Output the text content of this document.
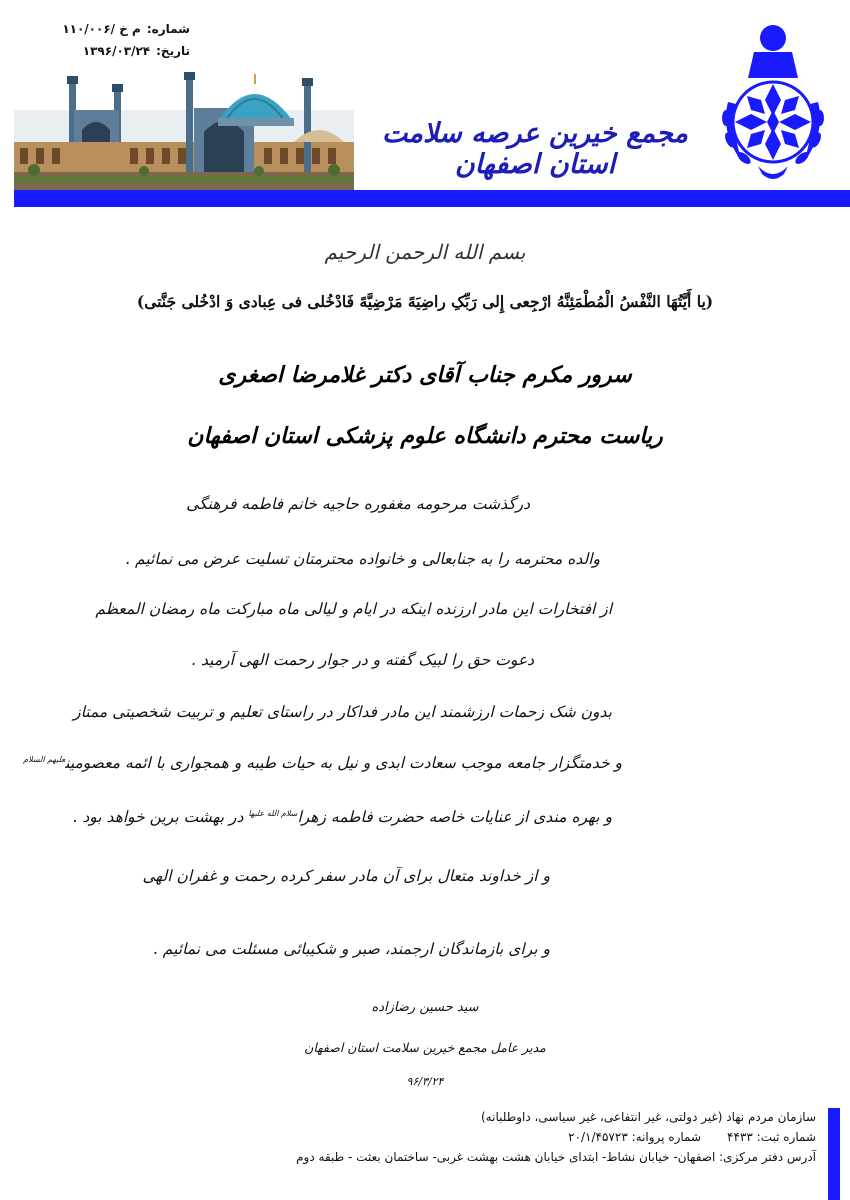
شماره:
۱۱۰/۰۰۶/ م خ
تاریخ:
۱۳۹۶/۰۳/۲۴
مجمع خیرین عرصه سلامت استان اصفهان
بسم الله الرحمن الرحیم
(یا أَیَّتُهَا النَّفْسُ الْمُطْمَئِنَّهُ ارْجِعی إِلی رَبِّکِ راضِیَهً مَرْضِیَّهً فَادْخُلی فی عِبادی وَ ادْخُلی جَنَّتی)
سرور مکرم جناب آقای دکتر غلامرضا اصغری
ریاست محترم دانشگاه علوم پزشکی استان اصفهان
درگذشت مرحومه مغفوره حاجیه خانم فاطمه فرهنگی
والده محترمه را به جنابعالی و خانواده محترمتان تسلیت عرض می نمائیم .
از افتخارات این مادر ارزنده اینکه در ایام و لیالی ماه مبارکت ماه رمضان المعظم
دعوت حق را لبیک گفته و در جوار رحمت الهی آرمید .
بدون شک زحمات ارزشمند این مادر فداکار در راستای تعلیم و تربیت شخصیتی ممتاز
و خدمتگزار جامعه موجب سعادت ابدی و نیل به حیات طیبه و همجواری با ائمه معصومین$^{علیهم السلام}$
و بهره مندی از عنایات خاصه حضرت فاطمه زهرا$^{سلام الله علیها}$ در بهشت برین خواهد بود .
و از خداوند متعال برای آن مادر سفر کرده رحمت و غفران الهی
و برای بازماندگان ارجمند، صبر و شکیبائی مسئلت می نمائیم .
سید حسین رضازاده
مدیر عامل مجمع خیرین سلامت استان اصفهان
۹۶/۳/۲۴
سازمان مردم نهاد (غیر دولتی، غیر انتفاعی، غیر سیاسی، داوطلبانه)
شماره ثبت: ۴۴۳۳
شماره پروانه: ۲۰/۱/۴۵۷۲۳
آدرس دفتر مرکزی: اصفهان- خیابان نشاط- ابتدای خیابان هشت بهشت غربی- ساختمان بعثت - طبقه دوم
